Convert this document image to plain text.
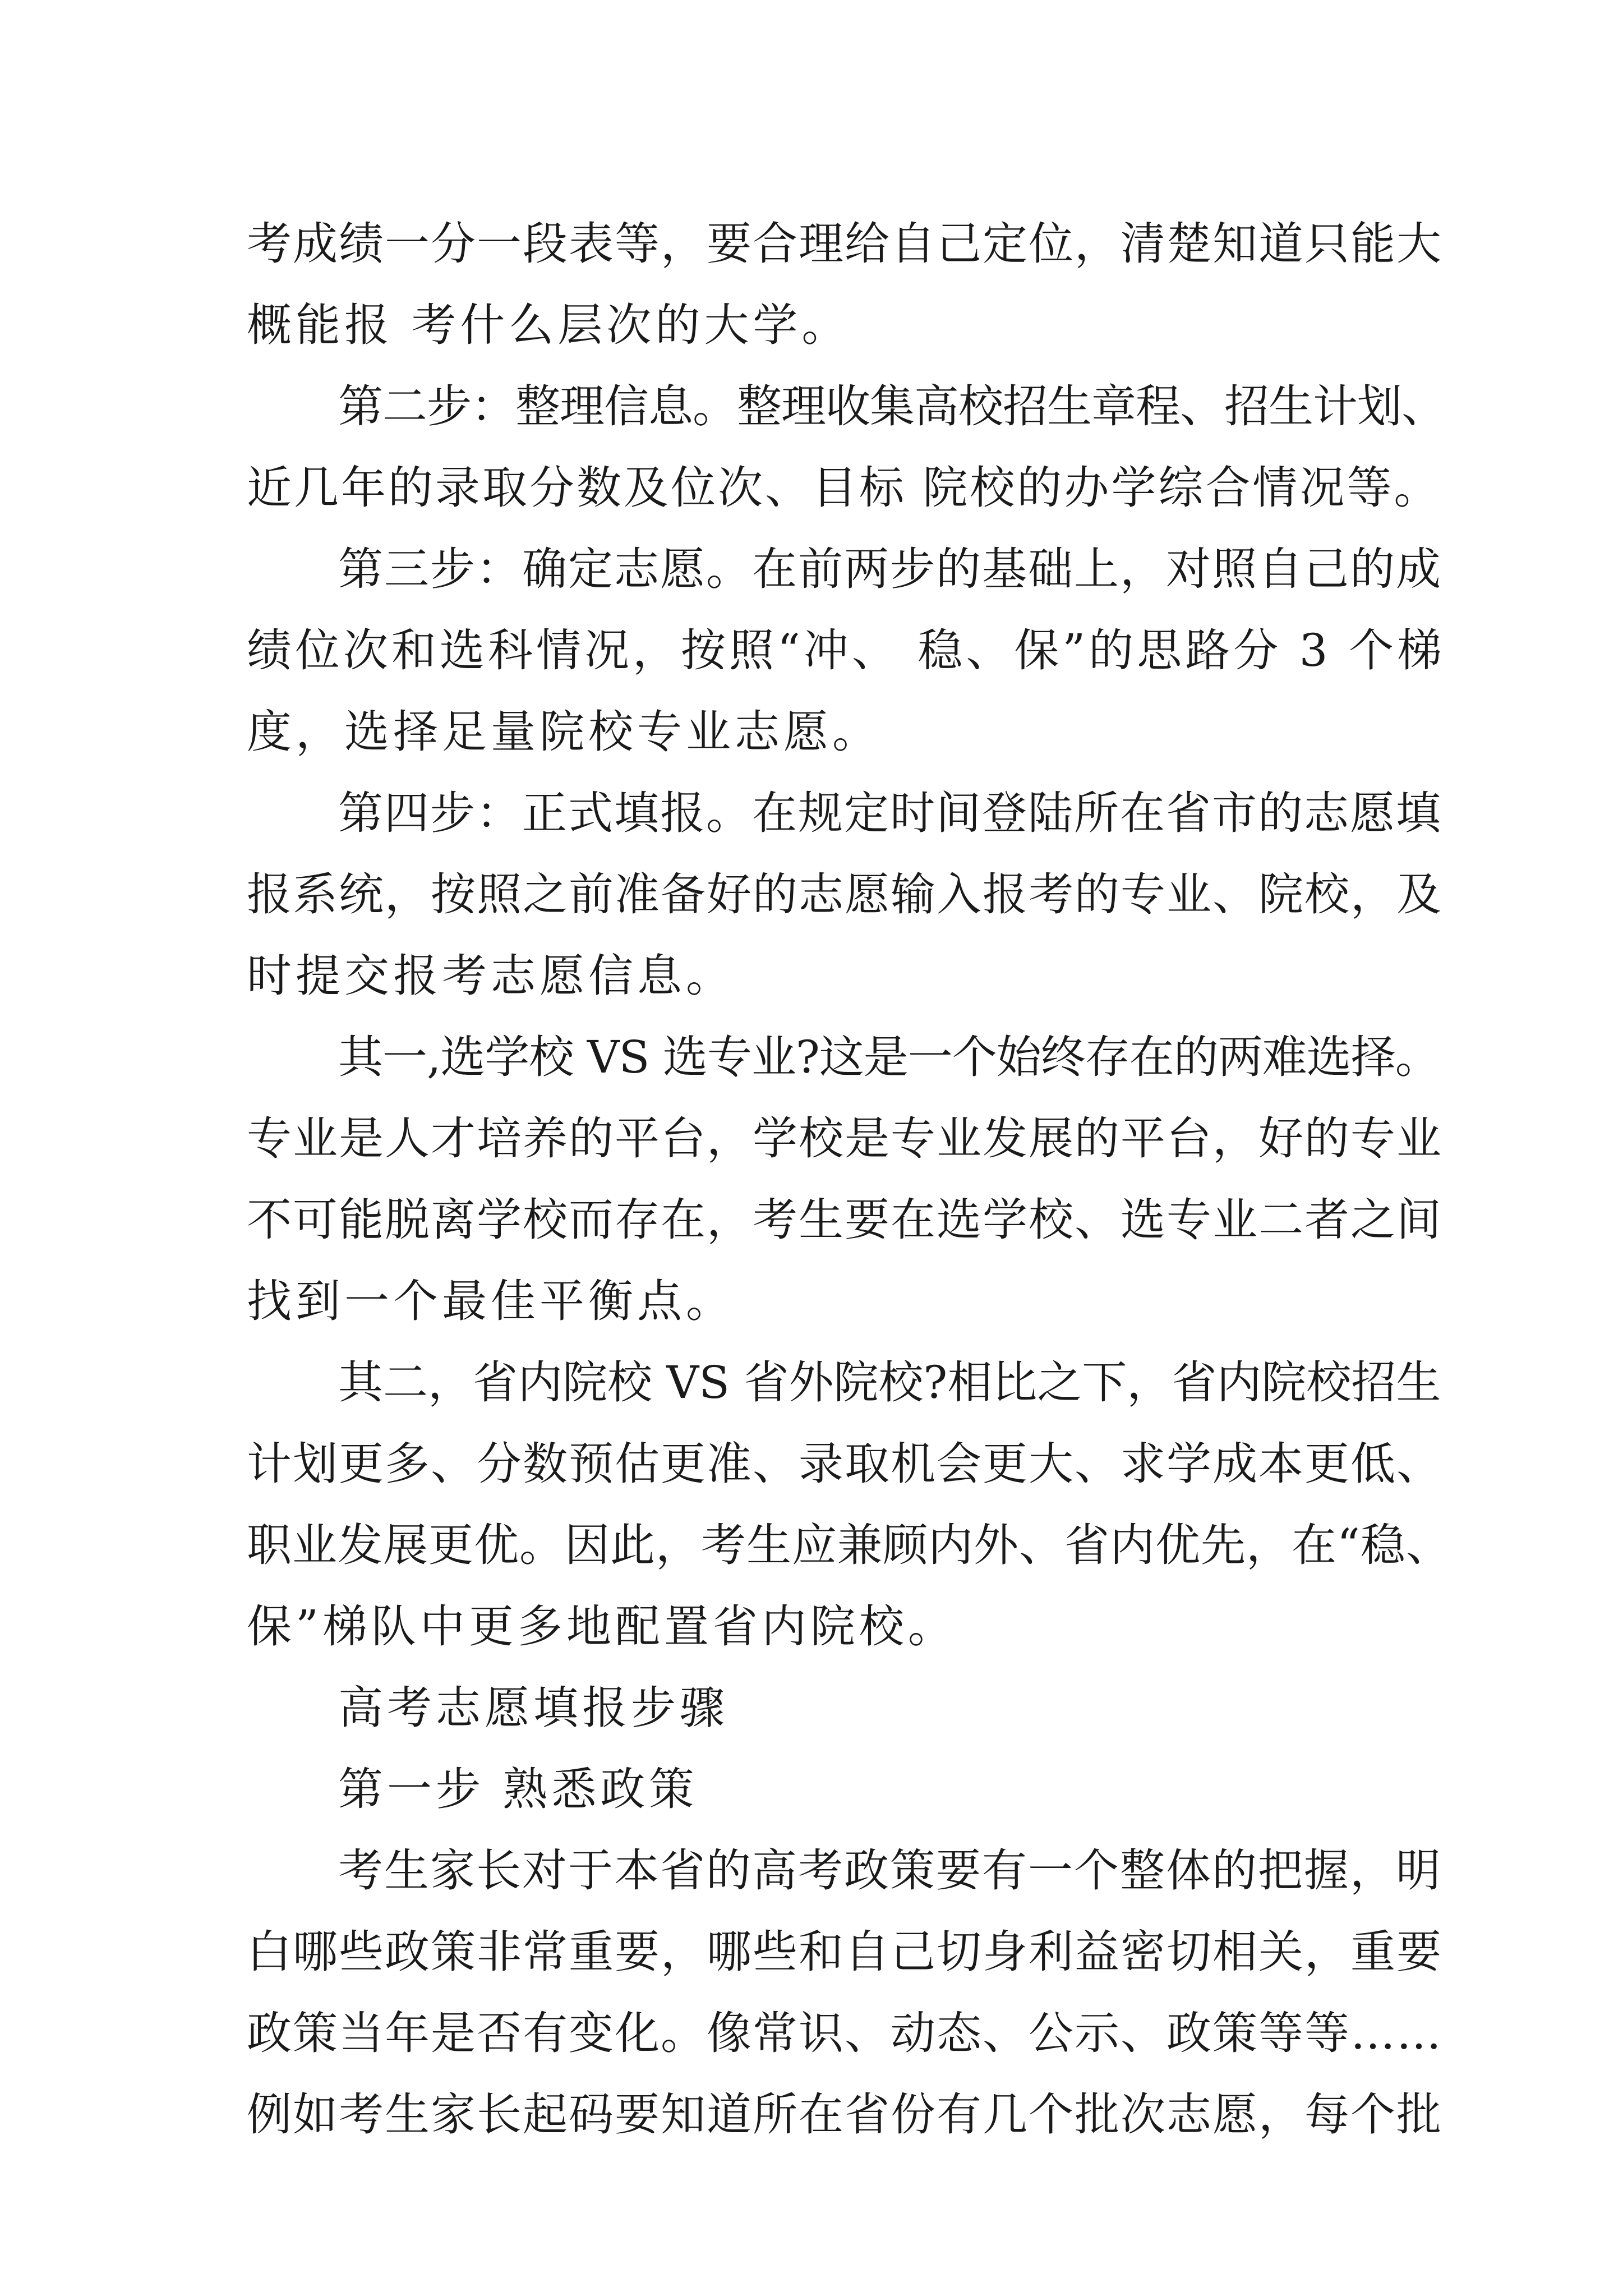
考成绩一分一段表等，要合理给自己定位，清楚知道只能大

概能报 考什么层次的大学。

第二步：整理信息。整理收集高校招生章程、招生计划、

近几年的录取分数及位次、目标 院校的办学综合情况等。

第三步：确定志愿。在前两步的基础上，对照自己的成

绩位次和选科情况，按照“冲、 稳、保”的思路分 3 个梯

度，选择足量院校专业志愿。

第四步：正式填报。在规定时间登陆所在省市的志愿填

报系统，按照之前准备好的志愿输入报考的专业、院校，及

时提交报考志愿信息。

其一,选学校 VS 选专业?这是一个始终存在的两难选择。

专业是人才培养的平台，学校是专业发展的平台，好的专业

不可能脱离学校而存在，考生要在选学校、选专业二者之间

找到一个最佳平衡点。

其二，省内院校 VS 省外院校?相比之下，省内院校招生

计划更多、分数预估更准、录取机会更大、求学成本更低、

职业发展更优。因此，考生应兼顾内外、省内优先，在“稳、

保”梯队中更多地配置省内院校。

高考志愿填报步骤

第一步 熟悉政策

考生家长对于本省的高考政策要有一个整体的把握，明

白哪些政策非常重要，哪些和自己切身利益密切相关，重要

政策当年是否有变化。像常识、动态、公示、政策等等……

例如考生家长起码要知道所在省份有几个批次志愿，每个批
